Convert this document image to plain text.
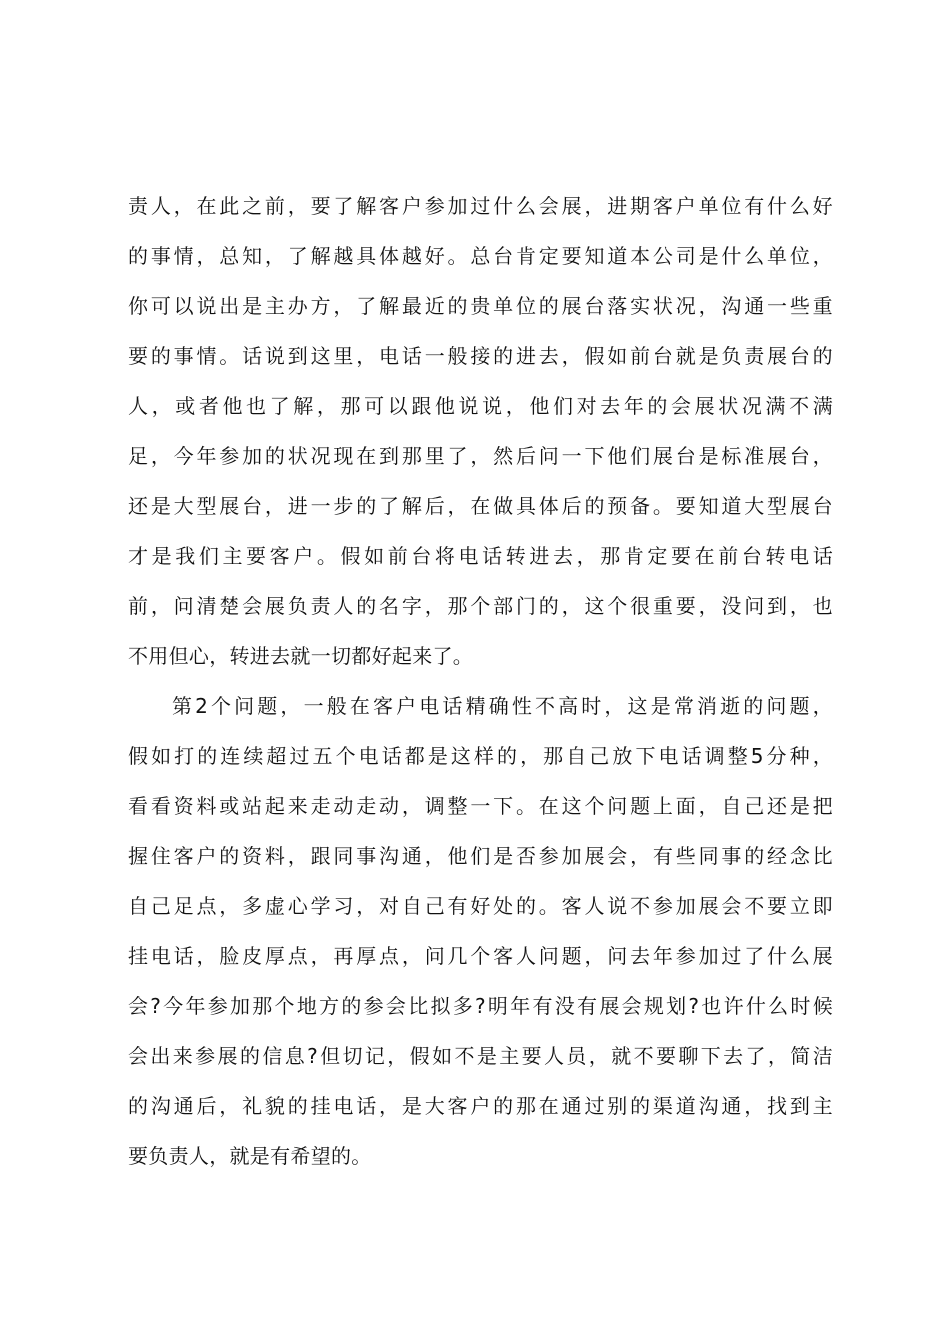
责人，在此之前，要了解客户参加过什么会展，进期客户单位有什么好
的事情，总知，了解越具体越好。总台肯定要知道本公司是什么单位，
你可以说出是主办方，了解最近的贵单位的展台落实状况，沟通一些重
要的事情。话说到这里，电话一般接的进去，假如前台就是负责展台的
人，或者他也了解，那可以跟他说说，他们对去年的会展状况满不满
足，今年参加的状况现在到那里了，然后问一下他们展台是标准展台，
还是大型展台，进一步的了解后，在做具体后的预备。要知道大型展台
才是我们主要客户。假如前台将电话转进去，那肯定要在前台转电话
前，问清楚会展负责人的名字，那个部门的，这个很重要，没问到，也
不用但心，转进去就一切都好起来了。
第2个问题，一般在客户电话精确性不高时，这是常消逝的问题，
假如打的连续超过五个电话都是这样的，那自己放下电话调整5分种，
看看资料或站起来走动走动，调整一下。在这个问题上面，自己还是把
握住客户的资料，跟同事沟通，他们是否参加展会，有些同事的经念比
自己足点，多虚心学习，对自己有好处的。客人说不参加展会不要立即
挂电话，脸皮厚点，再厚点，问几个客人问题，问去年参加过了什么展
会?今年参加那个地方的参会比拟多?明年有没有展会规划?也许什么时候
会出来参展的信息?但切记，假如不是主要人员，就不要聊下去了，简洁
的沟通后，礼貌的挂电话，是大客户的那在通过别的渠道沟通，找到主
要负责人，就是有希望的。
